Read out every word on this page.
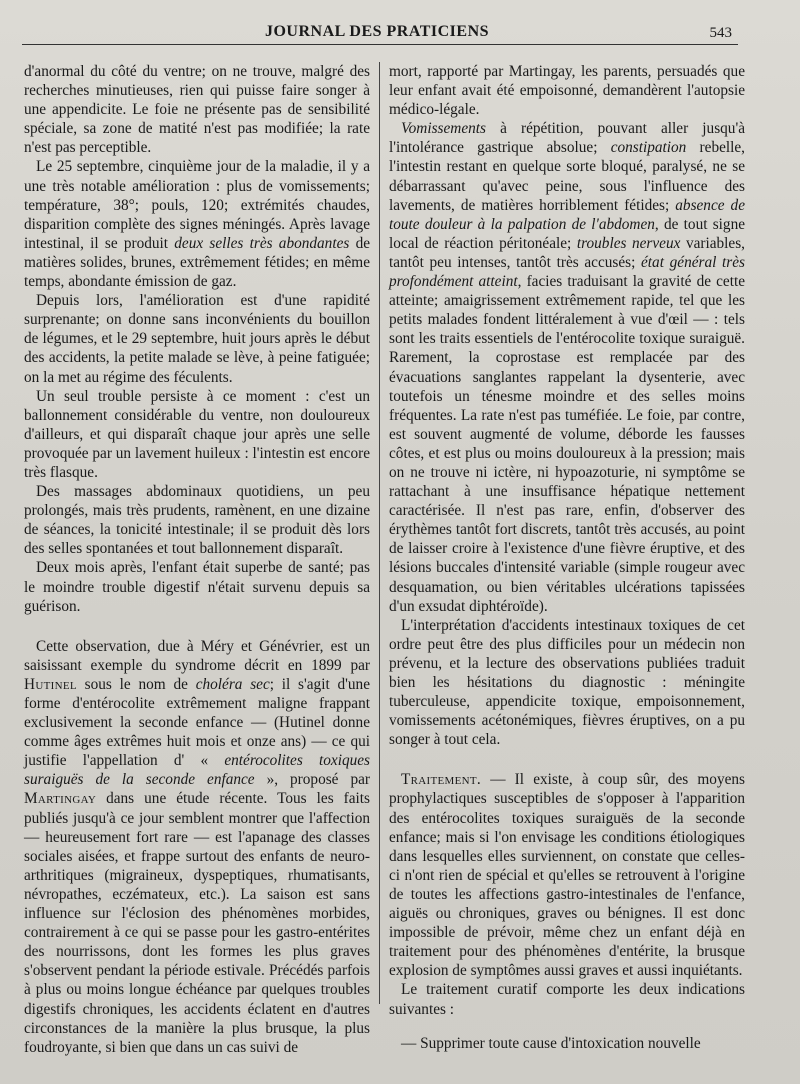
JOURNAL DES PRATICIENS	543

d'anormal du côté du ventre; on ne trouve, malgré des recherches minutieuses, rien qui puisse faire songer à une appendicite. Le foie ne présente pas de sensibilité spéciale, sa zone de matité n'est pas modifiée; la rate n'est pas perceptible.

Le 25 septembre, cinquième jour de la maladie, il y a une très notable amélioration : plus de vomissements; température, 38°; pouls, 120; extrémités chaudes, disparition complète des signes méningés. Après lavage intestinal, il se produit deux selles très abondantes de matières solides, brunes, extrêmement fétides; en même temps, abondante émission de gaz.

Depuis lors, l'amélioration est d'une rapidité surprenante; on donne sans inconvénients du bouillon de légumes, et le 29 septembre, huit jours après le début des accidents, la petite malade se lève, à peine fatiguée; on la met au régime des féculents.

Un seul trouble persiste à ce moment : c'est un ballonnement considérable du ventre, non douloureux d'ailleurs, et qui disparaît chaque jour après une selle provoquée par un lavement huileux : l'intestin est encore très flasque.

Des massages abdominaux quotidiens, un peu prolongés, mais très prudents, ramènent, en une dizaine de séances, la tonicité intestinale; il se produit dès lors des selles spontanées et tout ballonnement disparaît.

Deux mois après, l'enfant était superbe de santé; pas le moindre trouble digestif n'était survenu depuis sa guérison.

Cette observation, due à Méry et Génévrier, est un saisissant exemple du syndrome décrit en 1899 par Hutinel sous le nom de choléra sec; il s'agit d'une forme d'entérocolite extrêmement maligne frappant exclusivement la seconde enfance — (Hutinel donne comme âges extrêmes huit mois et onze ans) — ce qui justifie l'appellation d' « entérocolites toxiques suraiguës de la seconde enfance », proposé par Martingay dans une étude récente. Tous les faits publiés jusqu'à ce jour semblent montrer que l'affection — heureusement fort rare — est l'apanage des classes sociales aisées, et frappe surtout des enfants de neuro-arthritiques (migraineux, dyspeptiques, rhumatisants, névropathes, eczémateux, etc.). La saison est sans influence sur l'éclosion des phénomènes morbides, contrairement à ce qui se passe pour les gastro-entérites des nourrissons, dont les formes les plus graves s'observent pendant la période estivale. Précédés parfois à plus ou moins longue échéance par quelques troubles digestifs chroniques, les accidents éclatent en d'autres circonstances de la manière la plus brusque, la plus foudroyante, si bien que dans un cas suivi de

mort, rapporté par Martingay, les parents, persuadés que leur enfant avait été empoisonné, demandèrent l'autopsie médico-légale.

Vomissements à répétition, pouvant aller jusqu'à l'intolérance gastrique absolue; constipation rebelle, l'intestin restant en quelque sorte bloqué, paralysé, ne se débarrassant qu'avec peine, sous l'influence des lavements, de matières horriblement fétides; absence de toute douleur à la palpation de l'abdomen, de tout signe local de réaction péritonéale; troubles nerveux variables, tantôt peu intenses, tantôt très accusés; état général très profondément atteint, facies traduisant la gravité de cette atteinte; amaigrissement extrêmement rapide, tel que les petits malades fondent littéralement à vue d'œil — : tels sont les traits essentiels de l'entérocolite toxique suraiguë. Rarement, la coprostase est remplacée par des évacuations sanglantes rappelant la dysenterie, avec toutefois un ténesme moindre et des selles moins fréquentes. La rate n'est pas tuméfiée. Le foie, par contre, est souvent augmenté de volume, déborde les fausses côtes, et est plus ou moins douloureux à la pression; mais on ne trouve ni ictère, ni hypoazoturie, ni symptôme se rattachant à une insuffisance hépatique nettement caractérisée. Il n'est pas rare, enfin, d'observer des érythèmes tantôt fort discrets, tantôt très accusés, au point de laisser croire à l'existence d'une fièvre éruptive, et des lésions buccales d'intensité variable (simple rougeur avec desquamation, ou bien véritables ulcérations tapissées d'un exsudat diphtéroïde).

L'interprétation d'accidents intestinaux toxiques de cet ordre peut être des plus difficiles pour un médecin non prévenu, et la lecture des observations publiées traduit bien les hésitations du diagnostic : méningite tuberculeuse, appendicite toxique, empoisonnement, vomissements acétonémiques, fièvres éruptives, on a pu songer à tout cela.

Traitement. — Il existe, à coup sûr, des moyens prophylactiques susceptibles de s'opposer à l'apparition des entérocolites toxiques suraiguës de la seconde enfance; mais si l'on envisage les conditions étiologiques dans lesquelles elles surviennent, on constate que celles-ci n'ont rien de spécial et qu'elles se retrouvent à l'origine de toutes les affections gastro-intestinales de l'enfance, aiguës ou chroniques, graves ou bénignes. Il est donc impossible de prévoir, même chez un enfant déjà en traitement pour des phénomènes d'entérite, la brusque explosion de symptômes aussi graves et aussi inquiétants.

Le traitement curatif comporte les deux indications suivantes :

— Supprimer toute cause d'intoxication nouvelle
